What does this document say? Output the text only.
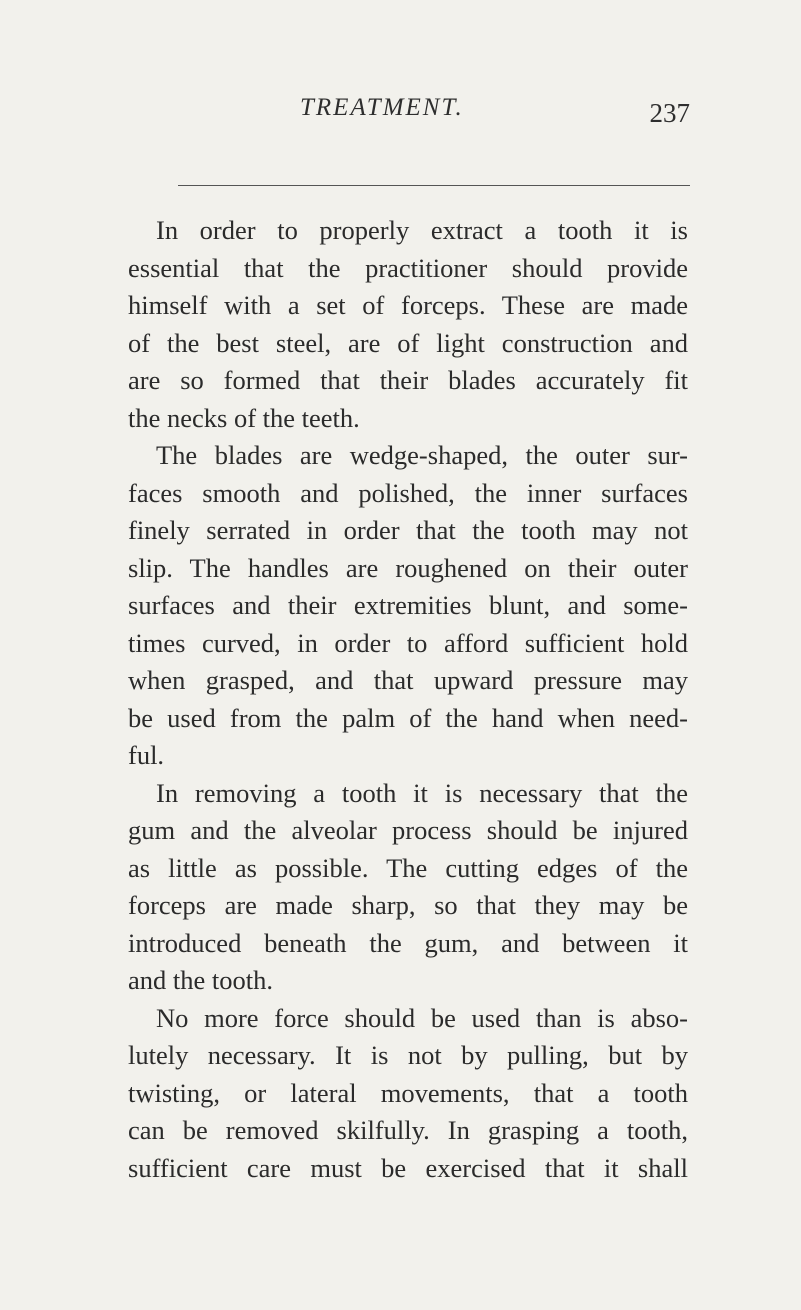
TREATMENT.	237

In order to properly extract a tooth it is
essential that the practitioner should provide
himself with a set of forceps. These are made
of the best steel, are of light construction and
are so formed that their blades accurately fit
the necks of the teeth.

The blades are wedge-shaped, the outer sur-
faces smooth and polished, the inner surfaces
finely serrated in order that the tooth may not
slip. The handles are roughened on their outer
surfaces and their extremities blunt, and some-
times curved, in order to afford sufficient hold
when grasped, and that upward pressure may
be used from the palm of the hand when need-
ful.

In removing a tooth it is necessary that the
gum and the alveolar process should be injured
as little as possible. The cutting edges of the
forceps are made sharp, so that they may be
introduced beneath the gum, and between it
and the tooth.

No more force should be used than is abso-
lutely necessary. It is not by pulling, but by
twisting, or lateral movements, that a tooth
can be removed skilfully. In grasping a tooth,
sufficient care must be exercised that it shall
